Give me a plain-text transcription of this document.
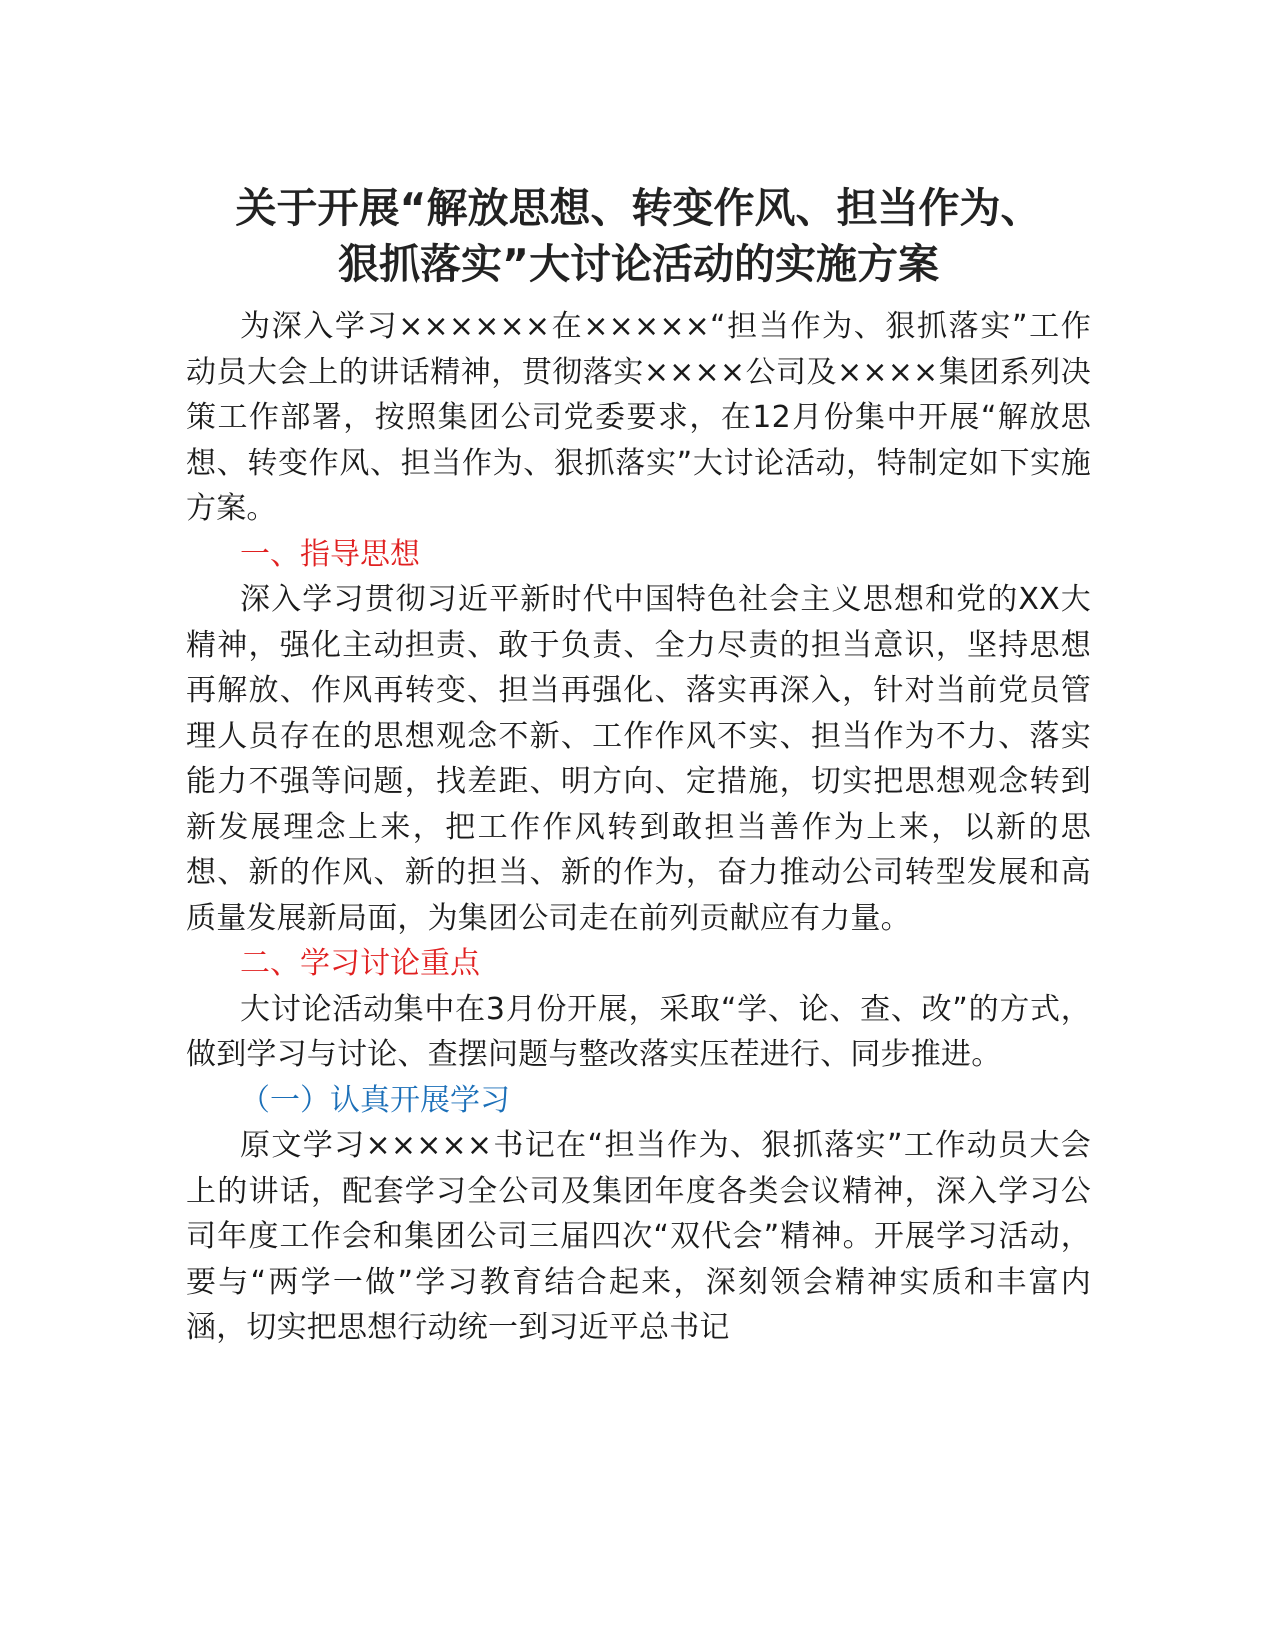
关于开展“解放思想、转变作风、担当作为、
狠抓落实”大讨论活动的实施方案

为深入学习××××××在×××××“担当作为、狠抓落实”工作动员大会上的讲话精神，贯彻落实××××公司及××××集团系列决策工作部署，按照集团公司党委要求，在12月份集中开展“解放思想、转变作风、担当作为、狠抓落实”大讨论活动，特制定如下实施方案。

一、指导思想

深入学习贯彻习近平新时代中国特色社会主义思想和党的XX大精神，强化主动担责、敢于负责、全力尽责的担当意识，坚持思想再解放、作风再转变、担当再强化、落实再深入，针对当前党员管理人员存在的思想观念不新、工作作风不实、担当作为不力、落实能力不强等问题，找差距、明方向、定措施，切实把思想观念转到新发展理念上来，把工作作风转到敢担当善作为上来，以新的思想、新的作风、新的担当、新的作为，奋力推动公司转型发展和高质量发展新局面，为集团公司走在前列贡献应有力量。

二、学习讨论重点

大讨论活动集中在3月份开展，采取“学、论、查、改”的方式，做到学习与讨论、查摆问题与整改落实压茬进行、同步推进。

（一）认真开展学习

原文学习×××××书记在“担当作为、狠抓落实”工作动员大会上的讲话，配套学习全公司及集团年度各类会议精神，深入学习公司年度工作会和集团公司三届四次“双代会”精神。开展学习活动，要与“两学一做”学习教育结合起来，深刻领会精神实质和丰富内涵，切实把思想行动统一到习近平总书记
